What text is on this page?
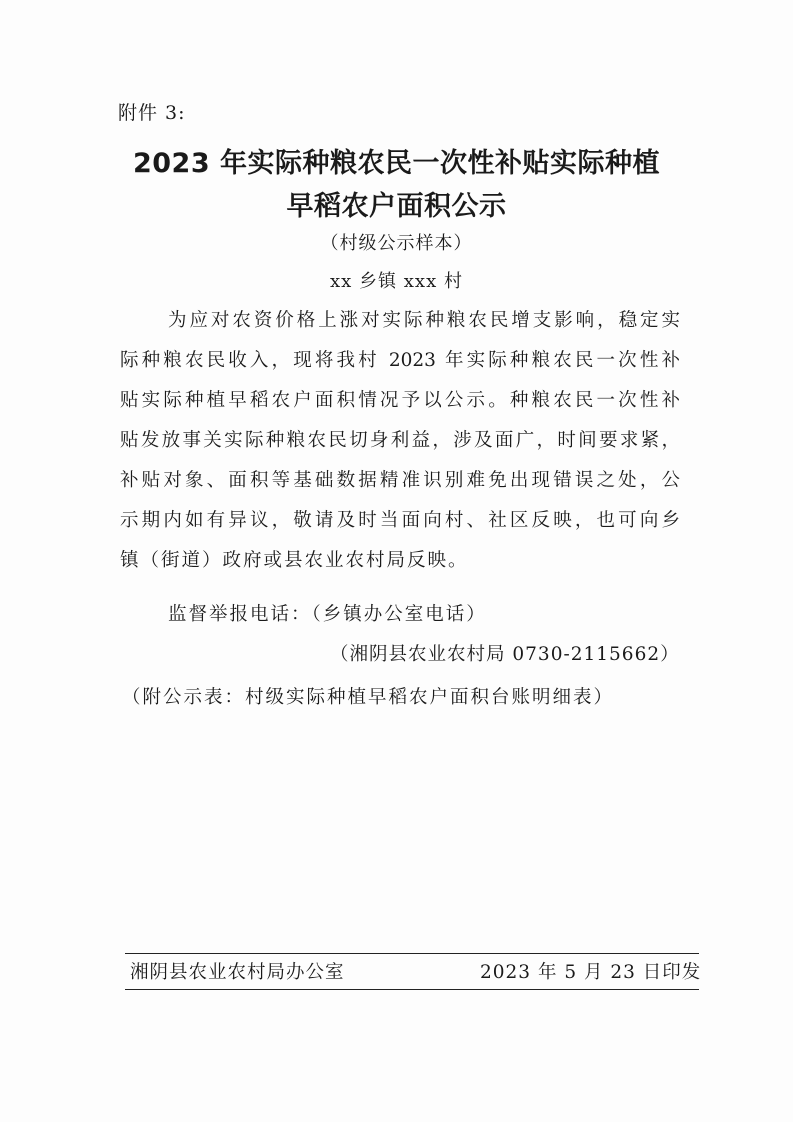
附件 3:
2023 年实际种粮农民一次性补贴实际种植
早稻农户面积公示
（村级公示样本）
xx 乡镇 xxx 村
为应对农资价格上涨对实际种粮农民增支影响，稳定实
际种粮农民收入，现将我村 2023 年实际种粮农民一次性补
贴实际种植早稻农户面积情况予以公示。种粮农民一次性补
贴发放事关实际种粮农民切身利益，涉及面广，时间要求紧，
补贴对象、面积等基础数据精准识别难免出现错误之处，公
示期内如有异议，敬请及时当面向村、社区反映，也可向乡
镇（街道）政府或县农业农村局反映。
监督举报电话：（乡镇办公室电话）
（湘阴县农业农村局 0730-2115662）
（附公示表：村级实际种植早稻农户面积台账明细表）
湘阴县农业农村局办公室	2023 年 5 月 23 日印发
